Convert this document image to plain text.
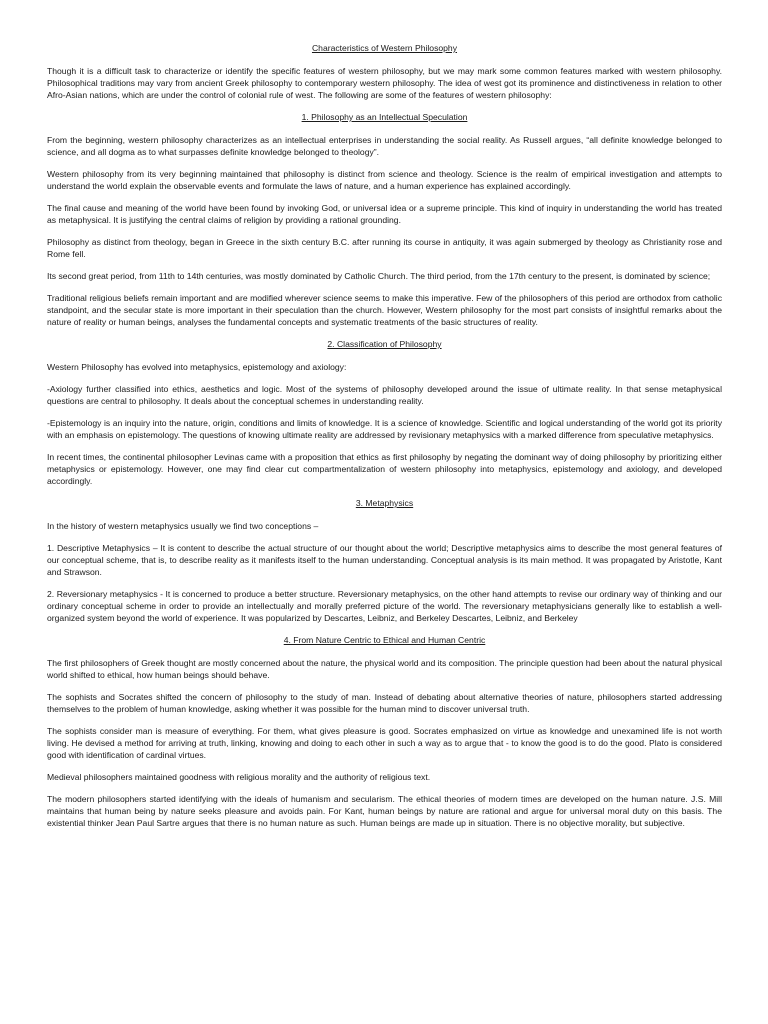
Characteristics of Western Philosophy
Though it is a difficult task to characterize or identify the specific features of western philosophy, but we may mark some common features marked with western philosophy. Philosophical traditions may vary from ancient Greek philosophy to contemporary western philosophy. The idea of west got its prominence and distinctiveness in relation to other Afro-Asian nations, which are under the control of colonial rule of west. The following are some of the features of western philosophy:
1. Philosophy as an Intellectual Speculation
From the beginning, western philosophy characterizes as an intellectual enterprises in understanding the social reality. As Russell argues, “all definite knowledge belonged to science, and all dogma as to what surpasses definite knowledge belonged to theology”.
Western philosophy from its very beginning maintained that philosophy is distinct from science and theology. Science is the realm of empirical investigation and attempts to understand the world explain the observable events and formulate the laws of nature, and a human experience has explained accordingly.
The final cause and meaning of the world have been found by invoking God, or universal idea or a supreme principle. This kind of inquiry in understanding the world has treated as metaphysical. It is justifying the central claims of religion by providing a rational grounding.
Philosophy as distinct from theology, began in Greece in the sixth century B.C. after running its course in antiquity, it was again submerged by theology as Christianity rose and Rome fell.
Its second great period, from 11th to 14th centuries, was mostly dominated by Catholic Church. The third period, from the 17th century to the present, is dominated by science;
Traditional religious beliefs remain important and are modified wherever science seems to make this imperative. Few of the philosophers of this period are orthodox from catholic standpoint, and the secular state is more important in their speculation than the church. However, Western philosophy for the most part consists of insightful remarks about the nature of reality or human beings, analyses the fundamental concepts and systematic treatments of the basic structures of reality.
2. Classification of Philosophy
Western Philosophy has evolved into metaphysics, epistemology and axiology:
-Axiology further classified into ethics, aesthetics and logic. Most of the systems of philosophy developed around the issue of ultimate reality. In that sense metaphysical questions are central to philosophy. It deals about the conceptual schemes in understanding reality.
-Epistemology is an inquiry into the nature, origin, conditions and limits of knowledge. It is a science of knowledge. Scientific and logical understanding of the world got its priority with an emphasis on epistemology. The questions of knowing ultimate reality are addressed by revisionary metaphysics with a marked difference from speculative metaphysics.
In recent times, the continental philosopher Levinas came with a proposition that ethics as first philosophy by negating the dominant way of doing philosophy by prioritizing either metaphysics or epistemology. However, one may find clear cut compartmentalization of western philosophy into metaphysics, epistemology and axiology, and developed accordingly.
3. Metaphysics
In the history of western metaphysics usually we find two conceptions –
1. Descriptive Metaphysics – It is content to describe the actual structure of our thought about the world; Descriptive metaphysics aims to describe the most general features of our conceptual scheme, that is, to describe reality as it manifests itself to the human understanding. Conceptual analysis is its main method. It was propagated by Aristotle, Kant and Strawson.
2. Reversionary metaphysics - It is concerned to produce a better structure. Reversionary metaphysics, on the other hand attempts to revise our ordinary way of thinking and our ordinary conceptual scheme in order to provide an intellectually and morally preferred picture of the world. The reversionary metaphysicians generally like to establish a well-organized system beyond the world of experience. It was popularized by Descartes, Leibniz, and Berkeley Descartes, Leibniz, and Berkeley
4. From Nature Centric to Ethical and Human Centric
The first philosophers of Greek thought are mostly concerned about the nature, the physical world and its composition. The principle question had been about the natural physical world shifted to ethical, how human beings should behave.
The sophists and Socrates shifted the concern of philosophy to the study of man. Instead of debating about alternative theories of nature, philosophers started addressing themselves to the problem of human knowledge, asking whether it was possible for the human mind to discover universal truth.
The sophists consider man is measure of everything. For them, what gives pleasure is good. Socrates emphasized on virtue as knowledge and unexamined life is not worth living. He devised a method for arriving at truth, linking, knowing and doing to each other in such a way as to argue that - to know the good is to do the good. Plato is considered good with identification of cardinal virtues.
Medieval philosophers maintained goodness with religious morality and the authority of religious text.
The modern philosophers started identifying with the ideals of humanism and secularism. The ethical theories of modern times are developed on the human nature. J.S. Mill maintains that human being by nature seeks pleasure and avoids pain. For Kant, human beings by nature are rational and argue for universal moral duty on this basis. The existential thinker Jean Paul Sartre argues that there is no human nature as such. Human beings are made up in situation. There is no objective morality, but subjective.
